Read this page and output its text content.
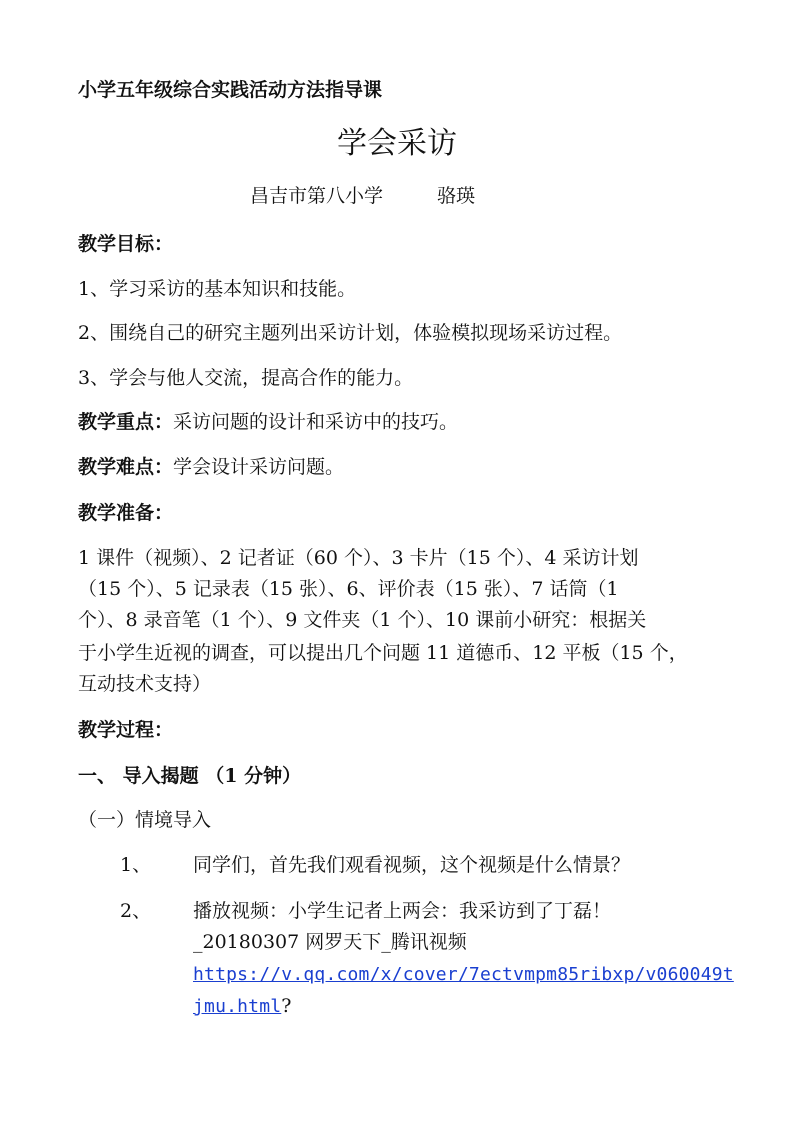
小学五年级综合实践活动方法指导课
学会采访
昌吉市第八小学	骆瑛
教学目标：
1、学习采访的基本知识和技能。
2、围绕自己的研究主题列出采访计划，体验模拟现场采访过程。
3、学会与他人交流，提高合作的能力。
教学重点：采访问题的设计和采访中的技巧。
教学难点：学会设计采访问题。
教学准备：
1 课件（视频）、2 记者证（60 个）、3 卡片（15 个）、4 采访计划
（15 个）、5 记录表（15 张）、6、评价表（15 张）、7 话筒（1
个）、8 录音笔（1 个）、9 文件夹（1 个）、10 课前小研究：根据关
于小学生近视的调查，可以提出几个问题 11 道德币、12 平板（15 个，
互动技术支持）
教学过程：
一、 导入揭题 （1 分钟）
（一）情境导入
1、 同学们，首先我们观看视频，这个视频是什么情景？
2、 播放视频：小学生记者上两会：我采访到了丁磊！
_20180307 网罗天下_腾讯视频
https://v.qq.com/x/cover/7ectvmpm85ribxp/v060049t
jmu.html?
